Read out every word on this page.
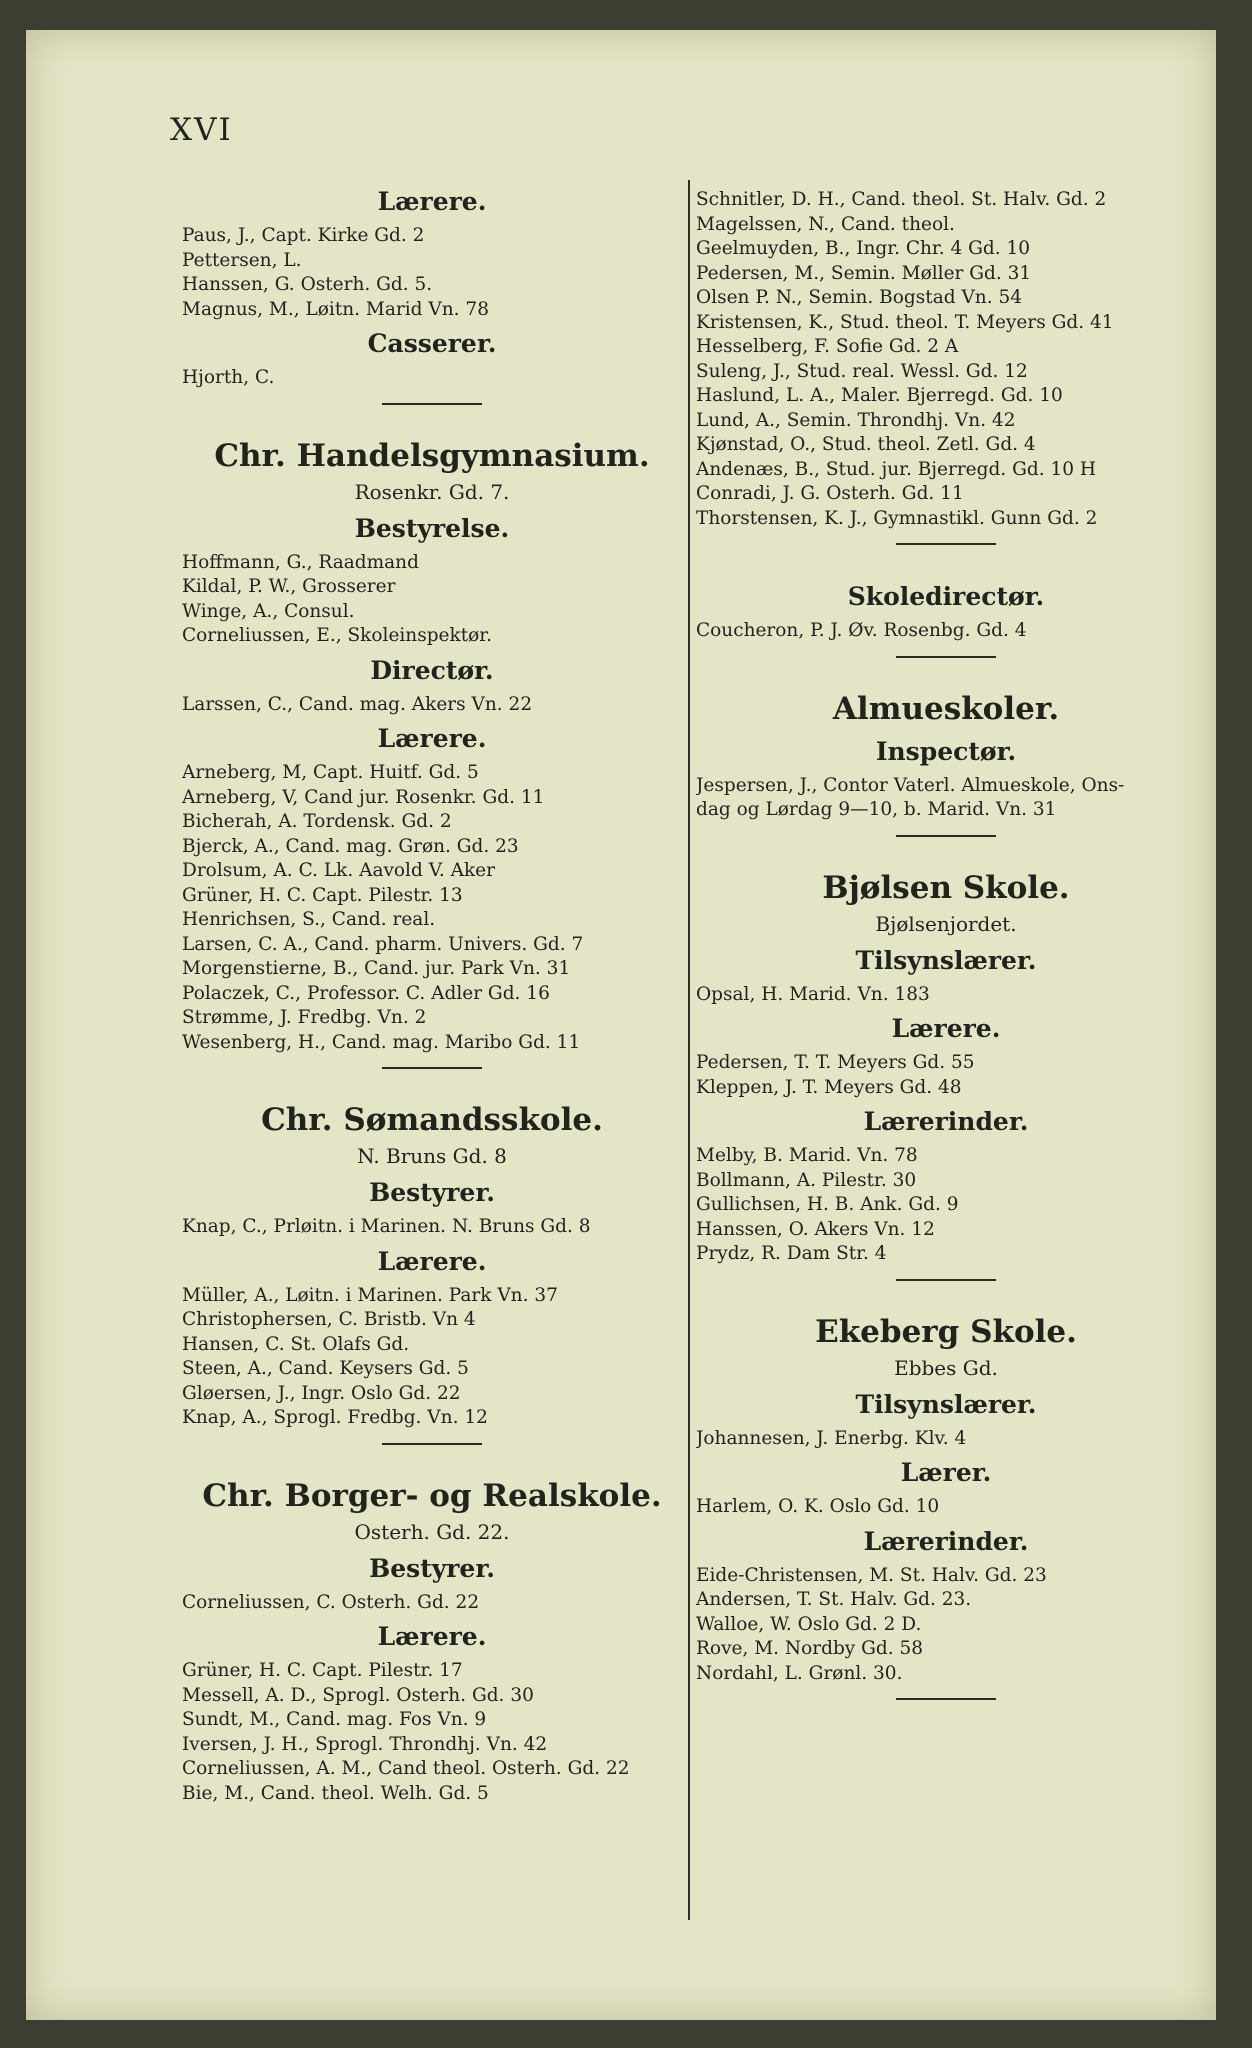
XVI

Lærere.
Paus, J., Capt. Kirke Gd. 2
Pettersen, L.
Hanssen, G. Osterh. Gd. 5.
Magnus, M., Løitn. Marid Vn. 78
Casserer.
Hjorth, C.
Chr. Handelsgymnasium.

Rosenkr. Gd. 7.

Bestyrelse.
Hoffmann, G., Raadmand
Kildal, P. W., Grosserer
Winge, A., Consul.
Corneliussen, E., Skoleinspektør.
Directør.
Larssen, C., Cand. mag. Akers Vn. 22
Lærere.
Arneberg, M, Capt. Huitf. Gd. 5
Arneberg, V, Cand jur. Rosenkr. Gd. 11
Bicherah, A. Tordensk. Gd. 2
Bjerck, A., Cand. mag. Grøn. Gd. 23
Drolsum, A. C. Lk. Aavold V. Aker
Grüner, H. C. Capt. Pilestr. 13
Henrichsen, S., Cand. real.
Larsen, C. A., Cand. pharm. Univers. Gd. 7
Morgenstierne, B., Cand. jur. Park Vn. 31
Polaczek, C., Professor. C. Adler Gd. 16
Strømme, J. Fredbg. Vn. 2
Wesenberg, H., Cand. mag. Maribo Gd. 11
Chr. Sømandsskole.

N. Bruns Gd. 8

Bestyrer.
Knap, C., Prløitn. i Marinen. N. Bruns Gd. 8
Lærere.
Müller, A., Løitn. i Marinen. Park Vn. 37
Christophersen, C. Bristb. Vn 4
Hansen, C. St. Olafs Gd.
Steen, A., Cand. Keysers Gd. 5
Gløersen, J., Ingr. Oslo Gd. 22
Knap, A., Sprogl. Fredbg. Vn. 12
Chr. Borger- og Realskole.

Osterh. Gd. 22.

Bestyrer.
Corneliussen, C. Osterh. Gd. 22
Lærere.
Grüner, H. C. Capt. Pilestr. 17
Messell, A. D., Sprogl. Osterh. Gd. 30
Sundt, M., Cand. mag. Fos Vn. 9
Iversen, J. H., Sprogl. Throndhj. Vn. 42
Corneliussen, A. M., Cand theol. Osterh. Gd. 22
Bie, M., Cand. theol. Welh. Gd. 5
Schnitler, D. H., Cand. theol. St. Halv. Gd. 2
Magelssen, N., Cand. theol.
Geelmuyden, B., Ingr. Chr. 4 Gd. 10
Pedersen, M., Semin. Møller Gd. 31
Olsen P. N., Semin. Bogstad Vn. 54
Kristensen, K., Stud. theol. T. Meyers Gd. 41
Hesselberg, F. Sofie Gd. 2 A
Suleng, J., Stud. real. Wessl. Gd. 12
Haslund, L. A., Maler. Bjerregd. Gd. 10
Lund, A., Semin. Throndhj. Vn. 42
Kjønstad, O., Stud. theol. Zetl. Gd. 4
Andenæs, B., Stud. jur. Bjerregd. Gd. 10 H
Conradi, J. G. Osterh. Gd. 11
Thorstensen, K. J., Gymnastikl. Gunn Gd. 2
Skoledirectør.
Coucheron, P. J. Øv. Rosenbg. Gd. 4
Almueskoler.
Inspectør.
Jespersen, J., Contor Vaterl. Almueskole, Ons-
dag og Lørdag 9—10, b. Marid. Vn. 31
Bjølsen Skole.

Bjølsenjordet.

Tilsynslærer.
Opsal, H. Marid. Vn. 183
Lærere.
Pedersen, T. T. Meyers Gd. 55
Kleppen, J. T. Meyers Gd. 48
Lærerinder.
Melby, B. Marid. Vn. 78
Bollmann, A. Pilestr. 30
Gullichsen, H. B. Ank. Gd. 9
Hanssen, O. Akers Vn. 12
Prydz, R. Dam Str. 4
Ekeberg Skole.

Ebbes Gd.

Tilsynslærer.
Johannesen, J. Enerbg. Klv. 4
Lærer.
Harlem, O. K. Oslo Gd. 10
Lærerinder.
Eide-Christensen, M. St. Halv. Gd. 23
Andersen, T. St. Halv. Gd. 23.
Walloe, W. Oslo Gd. 2 D.
Rove, M. Nordby Gd. 58
Nordahl, L. Grønl. 30.
